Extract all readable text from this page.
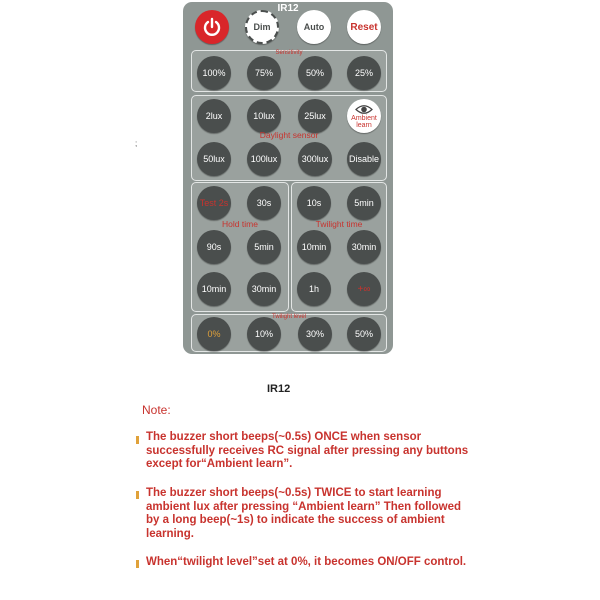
;
IR12
Dim	Auto	Reset
Sensitivity
100%	75%	50%	25%
2lux	10lux	25lux	Ambient learn
Daylight sensor
50lux	100lux	300lux	Disable
Test 2s	30s
Hold time
90s	5min
10min	30min
10s	5min
Twilight time
10min	30min
1h	+∞
Twilight level
0%	10%	30%	50%
IR12
Note:
The buzzer short beeps(~0.5s) ONCE when sensor successfully receives RC signal after pressing any buttons except for“Ambient learn”.
The buzzer short beeps(~0.5s) TWICE to start learning ambient lux after pressing “Ambient learn” Then followed by a long beep(~1s) to indicate the success of ambient learning.
When“twilight level”set at 0%, it becomes ON/OFF control.
